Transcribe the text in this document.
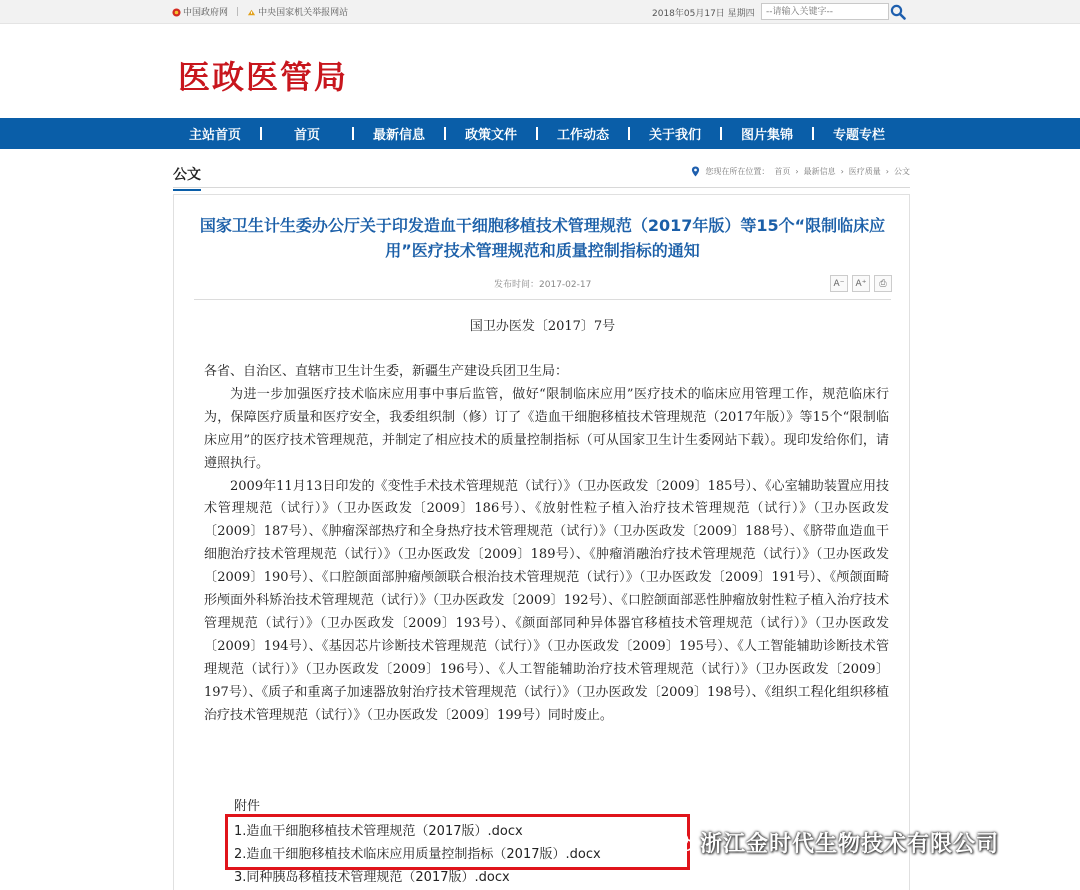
中国政府网 |	中央国家机关举报网站	2018年05月17日 星期四
--请输入关键字--
医政医管局
主站首页	首页	最新信息	政策文件	工作动态	关于我们	图片集锦	专题专栏
公文	您现在所在位置： 首页 › 最新信息 › 医疗质量 › 公文
国家卫生计生委办公厅关于印发造血干细胞移植技术管理规范（2017年版）等15个“限制临床应用”医疗技术管理规范和质量控制指标的通知
发布时间：2017-02-17	A⁻	A⁺	⎙
国卫办医发〔2017〕7号

各省、自治区、直辖市卫生计生委，新疆生产建设兵团卫生局：

为进一步加强医疗技术临床应用事中事后监管，做好“限制临床应用”医疗技术的临床应用管理工作，规范临床行为，保障医疗质量和医疗安全，我委组织制（修）订了《造血干细胞移植技术管理规范（2017年版）》等15个“限制临床应用”的医疗技术管理规范，并制定了相应技术的质量控制指标（可从国家卫生计生委网站下载）。现印发给你们，请遵照执行。

2009年11月13日印发的《变性手术技术管理规范（试行）》（卫办医政发〔2009〕185号）、《心室辅助装置应用技术管理规范（试行）》（卫办医政发〔2009〕186号）、《放射性粒子植入治疗技术管理规范（试行）》（卫办医政发〔2009〕187号）、《肿瘤深部热疗和全身热疗技术管理规范（试行）》（卫办医政发〔2009〕188号）、《脐带血造血干细胞治疗技术管理规范（试行）》（卫办医政发〔2009〕189号）、《肿瘤消融治疗技术管理规范（试行）》（卫办医政发〔2009〕190号）、《口腔颌面部肿瘤颅颌联合根治技术管理规范（试行）》（卫办医政发〔2009〕191号）、《颅颌面畸形颅面外科矫治技术管理规范（试行）》（卫办医政发〔2009〕192号）、《口腔颌面部恶性肿瘤放射性粒子植入治疗技术管理规范（试行）》（卫办医政发〔2009〕193号）、《颜面部同种异体器官移植技术管理规范（试行）》（卫办医政发〔2009〕194号）、《基因芯片诊断技术管理规范（试行）》（卫办医政发〔2009〕195号）、《人工智能辅助诊断技术管理规范（试行）》（卫办医政发〔2009〕196号）、《人工智能辅助治疗技术管理规范（试行）》（卫办医政发〔2009〕197号）、《质子和重离子加速器放射治疗技术管理规范（试行）》（卫办医政发〔2009〕198号）、《组织工程化组织移植治疗技术管理规范（试行）》（卫办医政发〔2009〕199号）同时废止。

附件
1.造血干细胞移植技术管理规范（2017版）.docx
2.造血干细胞移植技术临床应用质量控制指标（2017版）.docx
3.同种胰岛移植技术管理规范（2017版）.docx
浙江金时代生物技术有限公司
